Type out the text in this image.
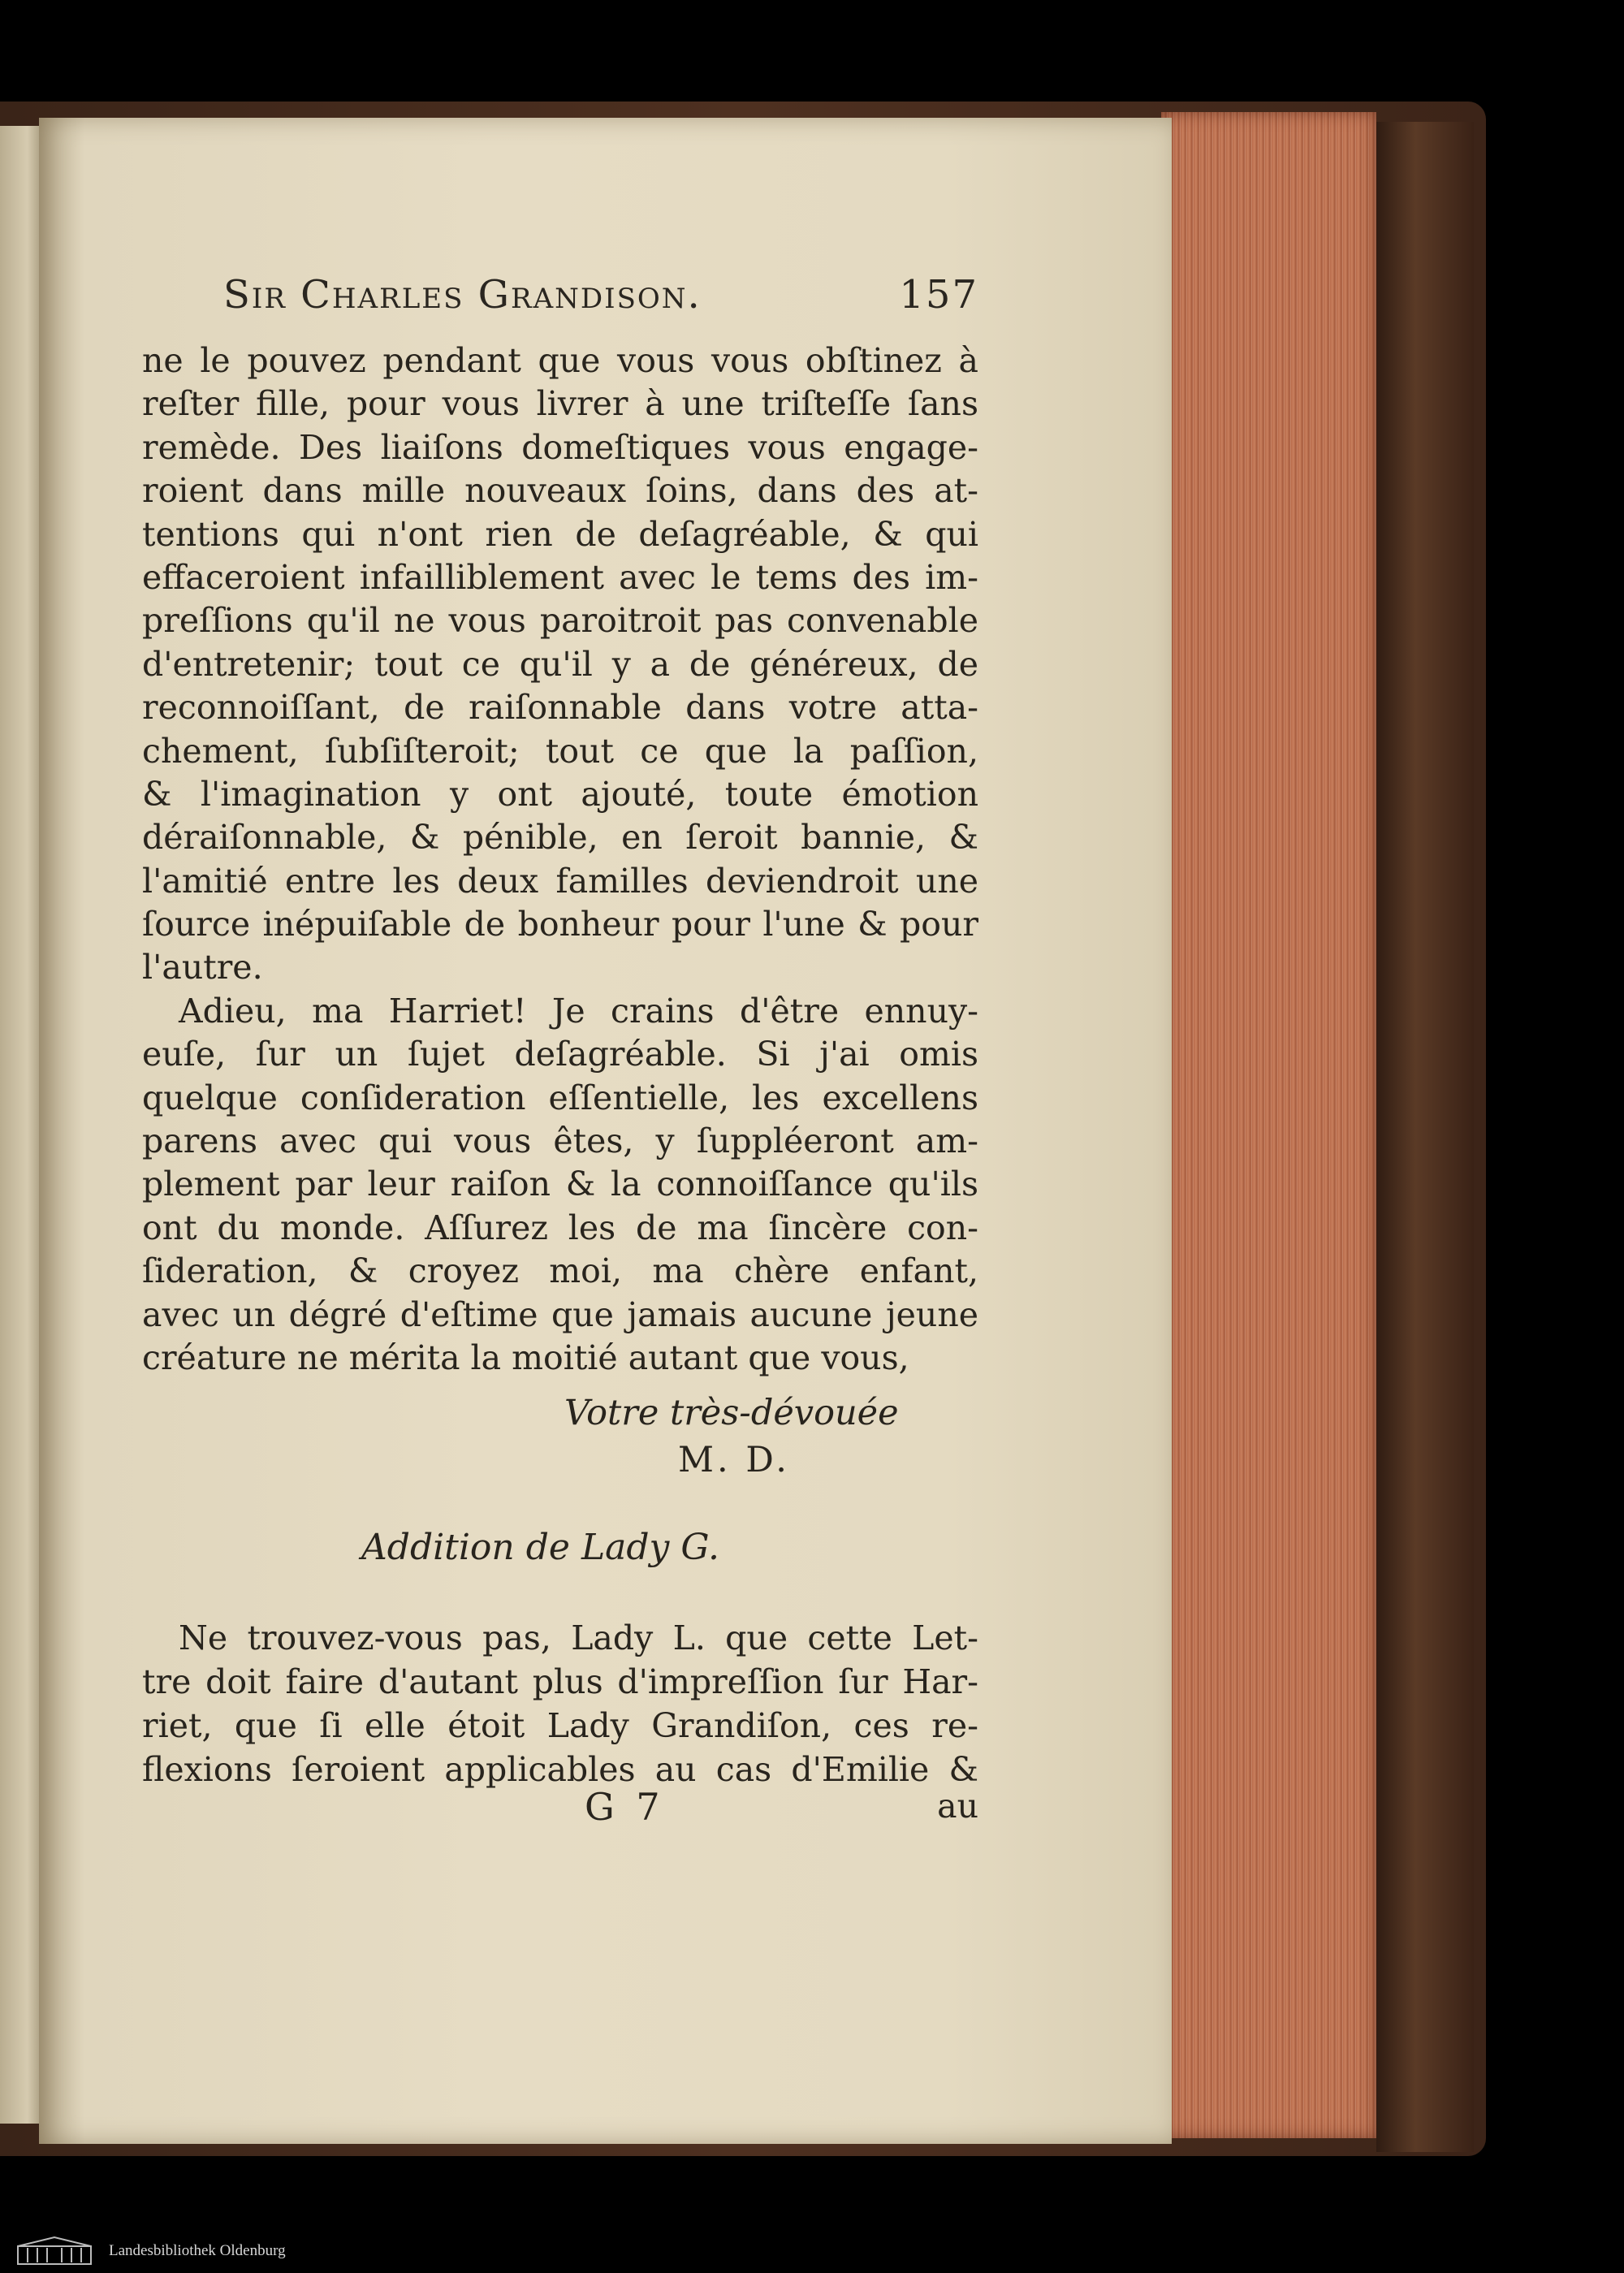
Sir Charles Grandison.	157
ne le pouvez pendant que vous vous obſtinez à
reſter fille, pour vous livrer à une triſteſſe ſans
remède. Des liaiſons domeſtiques vous engage-
roient dans mille nouveaux ſoins, dans des at-
tentions qui n'ont rien de deſagréable, & qui
effaceroient infailliblement avec le tems des im-
preſſions qu'il ne vous paroitroit pas convenable
d'entretenir; tout ce qu'il y a de généreux, de
reconnoiſſant, de raiſonnable dans votre atta-
chement, ſubſiſteroit; tout ce que la paſſion,
& l'imagination y ont ajouté, toute émotion
déraiſonnable, & pénible, en ſeroit bannie, &
l'amitié entre les deux familles deviendroit une
ſource inépuiſable de bonheur pour l'une & pour
l'autre.
Adieu, ma Harriet! Je crains d'être ennuy-
euſe, ſur un ſujet deſagréable. Si j'ai omis
quelque conſideration eſſentielle, les excellens
parens avec qui vous êtes, y ſuppléeront am-
plement par leur raiſon & la connoiſſance qu'ils
ont du monde. Aſſurez les de ma ſincère con-
ſideration, & croyez moi, ma chère enfant,
avec un dégré d'eſtime que jamais aucune jeune
créature ne mérita la moitié autant que vous,
Votre très-dévouée
M. D.
Addition de Lady G.
Ne trouvez-vous pas, Lady L. que cette Let-
tre doit faire d'autant plus d'impreſſion ſur Har-
riet, que ſi elle étoit Lady Grandiſon, ces re-
flexions ſeroient applicables au cas d'Emilie &
G 7	au
Landesbibliothek Oldenburg
